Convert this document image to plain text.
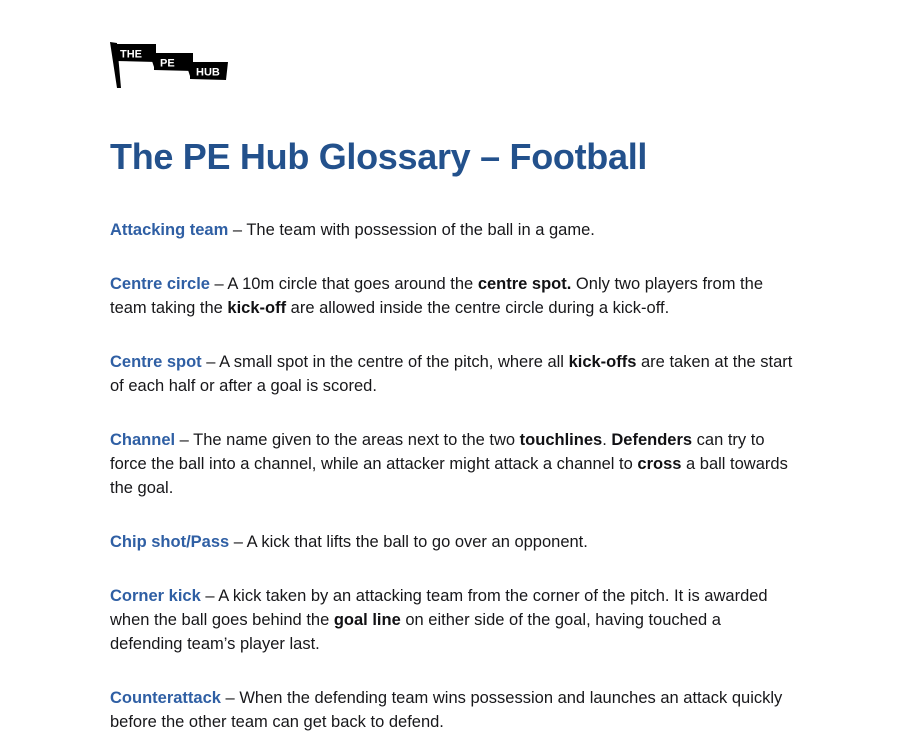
THE
PE
HUB
The PE Hub Glossary – Football

Attacking team – The team with possession of the ball in a game.

Centre circle – A 10m circle that goes around the centre spot. Only two players from the team taking the kick-off are allowed inside the centre circle during a kick-off.

Centre spot – A small spot in the centre of the pitch, where all kick-offs are taken at the start of each half or after a goal is scored.

Channel – The name given to the areas next to the two touchlines. Defenders can try to force the ball into a channel, while an attacker might attack a channel to cross a ball towards the goal.

Chip shot/Pass – A kick that lifts the ball to go over an opponent.

Corner kick – A kick taken by an attacking team from the corner of the pitch. It is awarded when the ball goes behind the goal line on either side of the goal, having touched a defending team’s player last.

Counterattack – When the defending team wins possession and launches an attack quickly before the other team can get back to defend.
